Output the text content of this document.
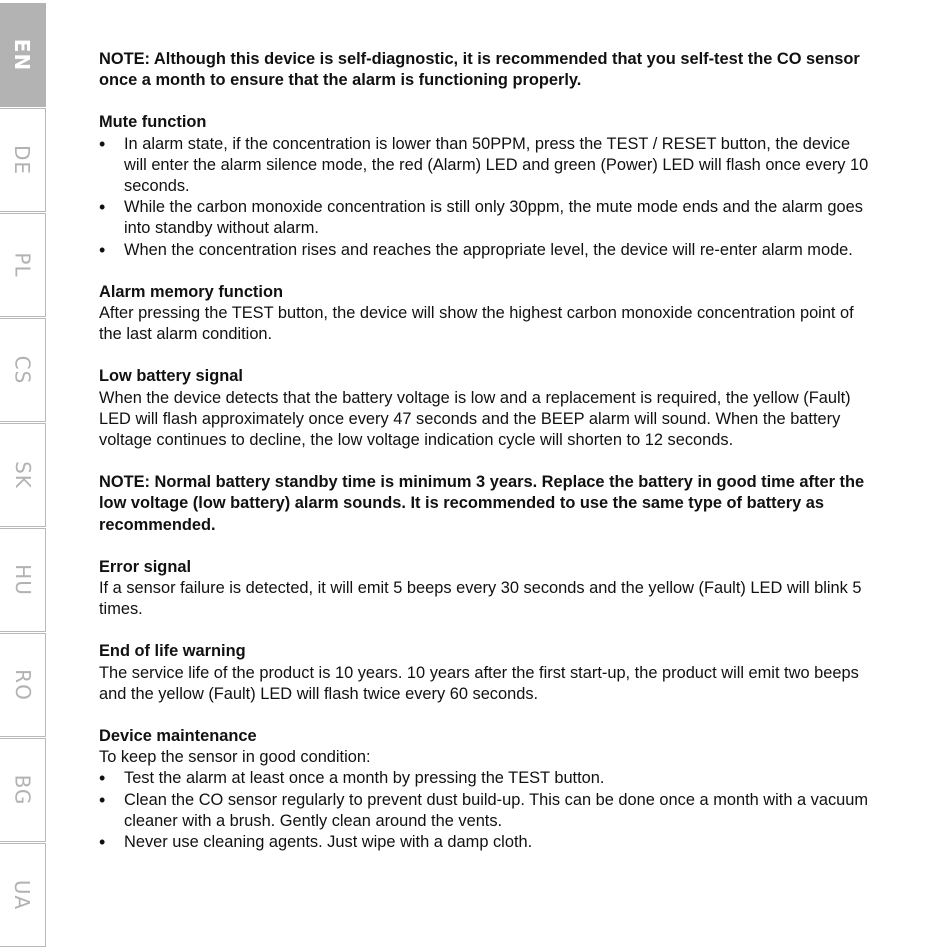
EN
DE
PL
CS
SK
HU
RO
BG
UA

NOTE: Although this device is self-diagnostic, it is recommended that you self-test the CO sensor once a month to ensure that the alarm is functioning properly.

Mute function

• In alarm state, if the concentration is lower than 50PPM, press the TEST / RESET button, the device will enter the alarm silence mode, the red (Alarm) LED and green (Power) LED will flash once every 10 seconds.
• While the carbon monoxide concentration is still only 30ppm, the mute mode ends and the alarm goes into standby without alarm.
• When the concentration rises and reaches the appropriate level, the device will re-enter alarm mode.

Alarm memory function

After pressing the TEST button, the device will show the highest carbon monoxide concentration point of the last alarm condition.

Low battery signal

When the device detects that the battery voltage is low and a replacement is required, the yellow (Fault) LED will flash approximately once every 47 seconds and the BEEP alarm will sound. When the battery voltage continues to decline, the low voltage indication cycle will shorten to 12 seconds.

NOTE: Normal battery standby time is minimum 3 years. Replace the battery in good time after the low voltage (low battery) alarm sounds. It is recommended to use the same type of battery as recommended.

Error signal

If a sensor failure is detected, it will emit 5 beeps every 30 seconds and the yellow (Fault) LED will blink 5 times.

End of life warning

The service life of the product is 10 years. 10 years after the first start-up, the product will emit two beeps and the yellow (Fault) LED will flash twice every 60 seconds.

Device maintenance

To keep the sensor in good condition:

• Test the alarm at least once a month by pressing the TEST button.
• Clean the CO sensor regularly to prevent dust build-up. This can be done once a month with a vacuum cleaner with a brush. Gently clean around the vents.
• Never use cleaning agents. Just wipe with a damp cloth.
